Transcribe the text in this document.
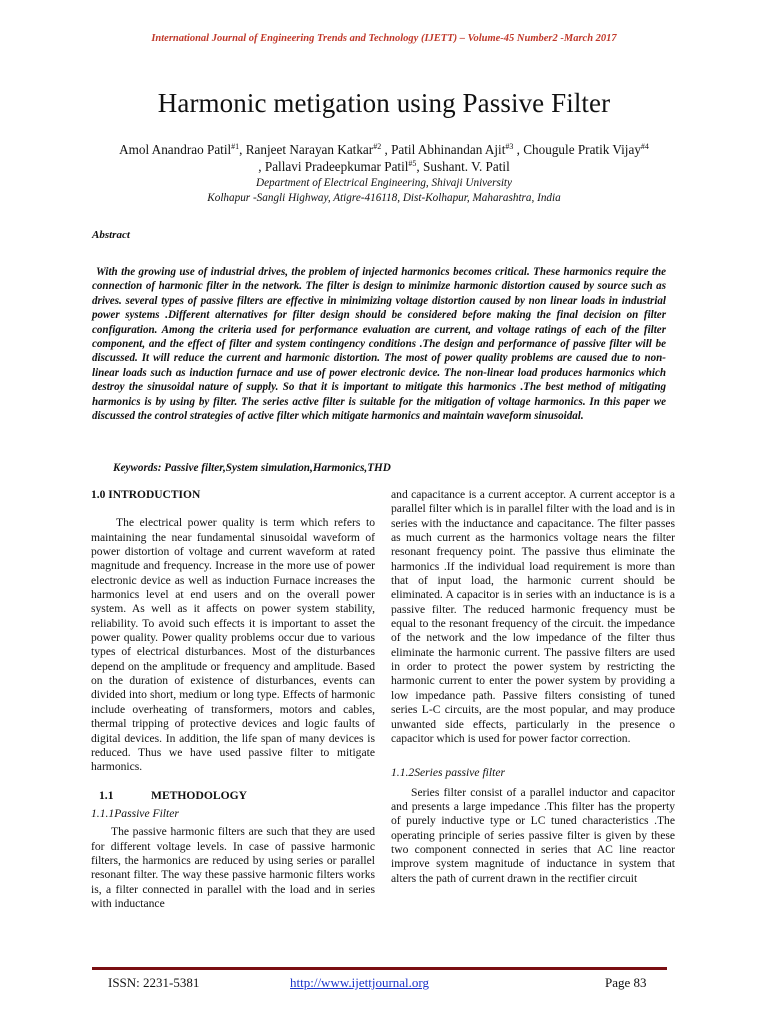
International Journal of Engineering Trends and Technology (IJETT) – Volume-45 Number2 -March 2017
Harmonic metigation using Passive Filter
Amol Anandrao Patil$^{\#1}$, Ranjeet Narayan Katkar$^{\#2}$ , Patil Abhinandan Ajit$^{\#3}$ , Chougule Pratik Vijay$^{\#4}$
, Pallavi Pradeepkumar Patil$^{\#5}$, Sushant. V. Patil
Department of Electrical Engineering, Shivaji University
Kolhapur -Sangli Highway, Atigre-416118, Dist-Kolhapur, Maharashtra, India
Abstract

With the growing use of industrial drives, the problem of injected harmonics becomes critical. These harmonics require the connection of harmonic filter in the network. The filter is design to minimize harmonic distortion caused by source such as drives. several types of passive filters are effective in minimizing voltage distortion caused by non linear loads in industrial power systems .Different alternatives for filter design should be considered before making the final decision on filter configuration. Among the criteria used for performance evaluation are current, and voltage ratings of each of the filter component, and the effect of filter and system contingency conditions .The design and performance of passive filter will be discussed. It will reduce the current and harmonic distortion. The most of power quality problems are caused due to non-linear loads such as induction furnace and use of power electronic device. The non-linear load produces harmonics which destroy the sinusoidal nature of supply. So that it is important to mitigate this harmonics .The best method of mitigating harmonics is by using by filter. The series active filter is suitable for the mitigation of voltage harmonics. In this paper we discussed the control strategies of active filter which mitigate harmonics and maintain waveform sinusoidal.

Keywords: Passive filter,System simulation,Harmonics,THD
1.0 INTRODUCTION

The electrical power quality is term which refers to maintaining the near fundamental sinusoidal waveform of power distortion of voltage and current waveform at rated magnitude and frequency. Increase in the more use of power electronic device as well as induction Furnace increases the harmonics level at end users and on the overall power system. As well as it affects on power system stability, reliability. To avoid such effects it is important to asset the power quality. Power quality problems occur due to various types of electrical disturbances. Most of the disturbances depend on the amplitude or frequency and amplitude. Based on the duration of existence of disturbances, events can divided into short, medium or long type. Effects of harmonic include overheating of transformers, motors and cables, thermal tripping of protective devices and logic faults of digital devices. In addition, the life span of many devices is reduced. Thus we have used passive filter to mitigate harmonics.

1.1	METHODOLOGY
1.1.1Passive Filter

The passive harmonic filters are such that they are used for different voltage levels. In case of passive harmonic filters, the harmonics are reduced by using series or parallel resonant filter. The way these passive harmonic filters works is, a filter connected in parallel with the load and in series with inductance

and capacitance is a current acceptor. A current acceptor is a parallel filter which is in parallel filter with the load and is in series with the inductance and capacitance. The filter passes as much current as the harmonics voltage nears the filter resonant frequency point. The passive thus eliminate the harmonics .If the individual load requirement is more than that of input load, the harmonic current should be eliminated. A capacitor is in series with an inductance is is a passive filter. The reduced harmonic frequency must be equal to the resonant frequency of the circuit. the impedance of the network and the low impedance of the filter thus eliminate the harmonic current. The passive filters are used in order to protect the power system by restricting the harmonic current to enter the power system by providing a low impedance path. Passive filters consisting of tuned series L-C circuits, are the most popular, and may produce unwanted side effects, particularly in the presence o capacitor which is used for power factor correction.

1.1.2Series passive filter

Series filter consist of a parallel inductor and capacitor and presents a large impedance .This filter has the property of purely inductive type or LC tuned characteristics .The operating principle of series passive filter is given by these two component connected in series that AC line reactor improve system magnitude of inductance in system that alters the path of current drawn in the rectifier circuit

ISSN: 2231-5381	http://www.ijettjournal.org	Page 83
